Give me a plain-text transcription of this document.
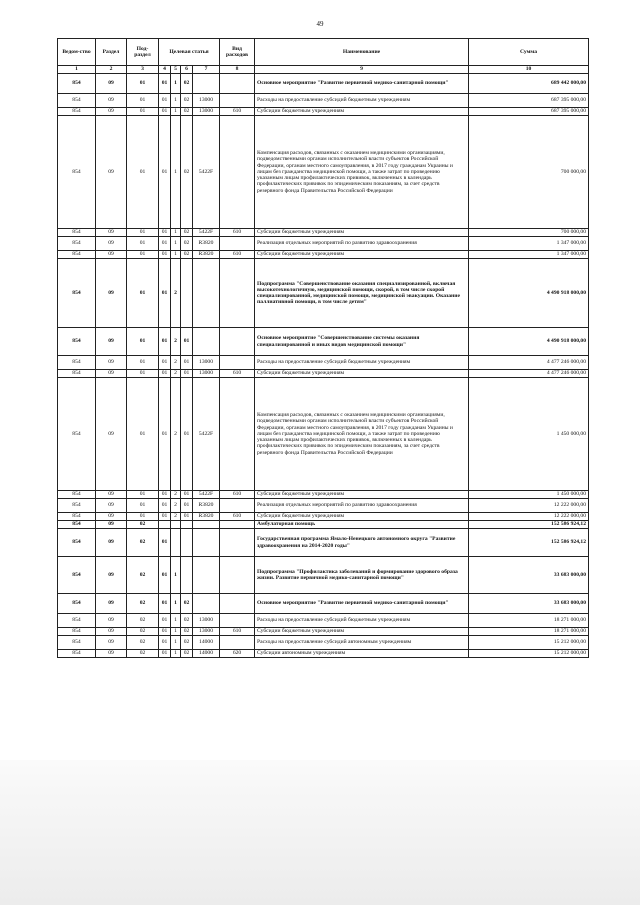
49
Ведом-ство	Раздел	Под-раздел	Целевая статья				Вид расходов	Наименование	Сумма
1	2	3	4	5	6	7	8	9	10
854	09	01	01	1	02			Основное мероприятие "Развитие первичной медико-санитарной помощи"	689 442 000,00
854	09	01	01	1	02	13000		Расходы на предоставление субсидий бюджетным учреждениям	687 395 000,00
854	09	01	01	1	02	13000	610	Субсидии бюджетным учреждениям	687 395 000,00
854	09	01	01	1	02	5422F		Компенсация расходов, связанных с оказанием медицинскими организациями, подведомственными органам исполнительной власти субъектов Российской Федерации, органам местного самоуправления, в 2017 году гражданам Украины и лицам без гражданства медицинской помощи, а также затрат по проведению указанным лицам профилактических прививок, включенных в календарь профилактических прививок по эпидемическим показаниям, за счет средств резервного фонда Правительства Российской Федерации	700 000,00
854	09	01	01	1	02	5422F	610	Субсидии бюджетным учреждениям	700 000,00
854	09	01	01	1	02	R3820		Реализация отдельных мероприятий по развитию здравоохранения	1 347 000,00
854	09	01	01	1	02	R3820	610	Субсидии бюджетным учреждениям	1 347 000,00
854	09	01	01	2				Подпрограмма "Совершенствование оказания специализированной, включая высокотехнологичную, медицинской помощи, скорой, в том числе скорой специализированной, медицинской помощи, медицинской эвакуации. Оказание паллиативной помощи, в том числе детям"	4 490 918 000,00
854	09	01	01	2	01			Основное мероприятие "Совершенствование системы оказания специализированной и иных видов медицинской помощи"	4 490 918 000,00
854	09	01	01	2	01	13000		Расходы на предоставление субсидий бюджетным учреждениям	4 477 246 000,00
854	09	01	01	2	01	13000	610	Субсидии бюджетным учреждениям	4 477 246 000,00
854	09	01	01	2	01	5422F		Компенсация расходов, связанных с оказанием медицинскими организациями, подведомственными органам исполнительной власти субъектов Российской Федерации, органам местного самоуправления, в 2017 году гражданам Украины и лицам без гражданства медицинской помощи, а также затрат по проведению указанным лицам профилактических прививок, включенных в календарь профилактических прививок по эпидемическим показаниям, за счет средств резервного фонда Правительства Российской Федерации	1 450 000,00
854	09	01	01	2	01	5422F	610	Субсидии бюджетным учреждениям	1 450 000,00
854	09	01	01	2	01	R3820		Реализация отдельных мероприятий по развитию здравоохранения	12 222 000,00
854	09	01	01	2	01	R3820	610	Субсидии бюджетным учреждениям	12 222 000,00
854	09	02						Амбулаторная помощь	152 586 924,12
854	09	02	01					Государственная программа Ямало-Ненецкого автономного округа "Развитие здравоохранения на 2014-2020 годы"	152 586 924,12
854	09	02	01	1				Подпрограмма "Профилактика заболеваний и формирование здорового образа жизни. Развитие первичной медико-санитарной помощи"	33 683 000,00
854	09	02	01	1	02			Основное мероприятие "Развитие первичной медико-санитарной помощи"	33 683 000,00
854	09	02	01	1	02	13000		Расходы на предоставление субсидий бюджетным учреждениям	18 271 000,00
854	09	02	01	1	02	13000	610	Субсидии бюджетным учреждениям	18 271 000,00
854	09	02	01	1	02	14000		Расходы на предоставление субсидий автономным учреждениям	15 212 000,00
854	09	02	01	1	02	14000	620	Субсидии автономным учреждениям	15 212 000,00
